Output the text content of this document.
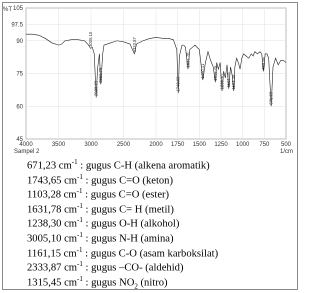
105
97.5
90
75
60
45
4000	3500	3000	2500	2000 1750 1500 1250 1000 750 500
3005.10
2920.23
2850.79
2333.87
1743.65
1631.78
1460.11 1315.45
1238.30 1161.15 1103.28
759.95
671.23
Sampel 2	1/cm
%T
671,23 $cm^{-1}$ : gugus C-H (alkena aromatik)
1743,65 $cm^{-1}$ : gugus C=O (keton)
1103,28 $cm^{-1}$ : gugus C=O (ester)
1631,78 $cm^{-1}$ : gugus C= H (metil)
1238,30 $cm^{-1}$ : gugus O-H (alkohol)
3005,10 $cm^{-1}$ : gugus N-H (amina)
1161,15 $cm^{-1}$ : gugus C-O (asam karboksilat)
2333,87 $cm^{-1}$ : gugus –CO- (aldehid)
1315,45 $cm^{-1}$ : gugus $NO_2$ (nitro)
